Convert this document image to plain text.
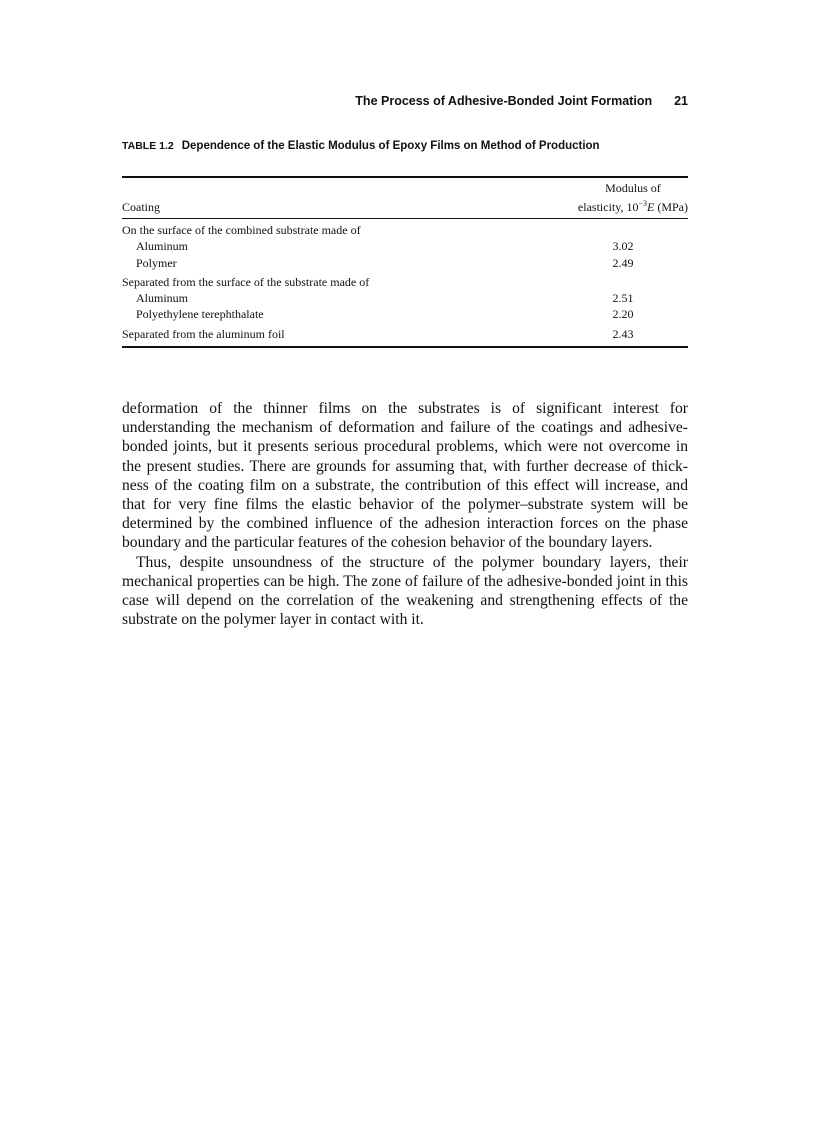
The Process of Adhesive-Bonded Joint Formation 21
TABLE 1.2 Dependence of the Elastic Modulus of Epoxy Films on Method of Production
Coating
Modulus of
elasticity, $10^{-3}E$ (MPa)
On the surface of the combined substrate made of
Aluminum	3.02
Polymer	2.49
Separated from the surface of the substrate made of
Aluminum	2.51
Polyethylene terephthalate	2.20
Separated from the aluminum foil	2.43

deformation of the thinner films on the substrates is of significant interest for understanding the mechanism of deformation and failure of the coatings and adhesive-bonded joints, but it presents serious procedural problems, which were not overcome in the present studies. There are grounds for assuming that, with further decrease of thickness of the coating film on a substrate, the contribution of this effect will increase, and that for very fine films the elastic behavior of the polymer–substrate system will be determined by the combined influence of the adhesion interaction forces on the phase boundary and the particular features of the cohesion behavior of the boundary layers.

Thus, despite unsoundness of the structure of the polymer boundary layers, their mechanical properties can be high. The zone of failure of the adhesive-bonded joint in this case will depend on the correlation of the weakening and strengthening effects of the substrate on the polymer layer in contact with it.
